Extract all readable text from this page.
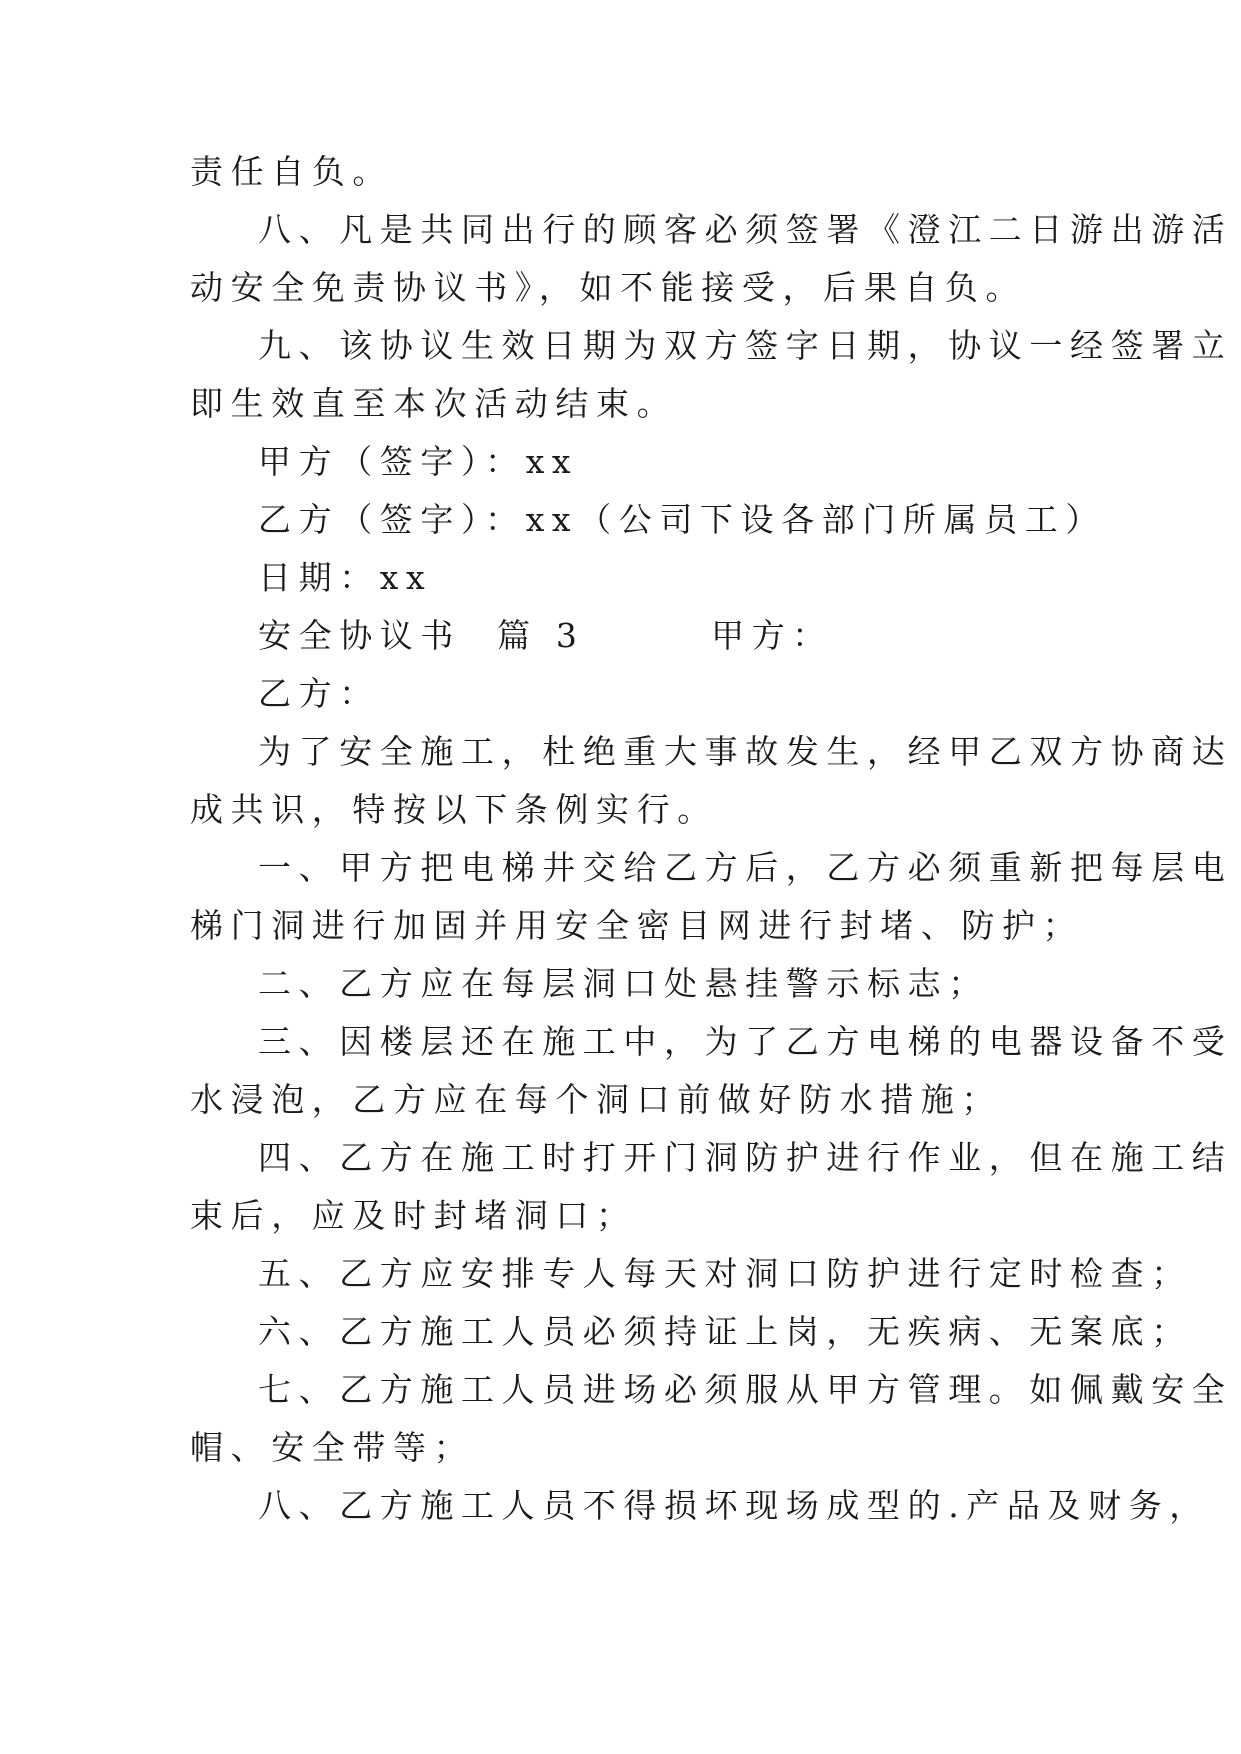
责任自负。

八、凡是共同出行的顾客必须签署《澄江二日游出游活

动安全免责协议书》，如不能接受，后果自负。

九、该协议生效日期为双方签字日期，协议一经签署立

即生效直至本次活动结束。

甲方（签字）：xx

乙方（签字）：xx（公司下设各部门所属员工）

日期：xx

安全协议书  篇 3       甲方：

乙方：

为了安全施工，杜绝重大事故发生，经甲乙双方协商达

成共识，特按以下条例实行。

一、甲方把电梯井交给乙方后，乙方必须重新把每层电

梯门洞进行加固并用安全密目网进行封堵、防护；

二、乙方应在每层洞口处悬挂警示标志；

三、因楼层还在施工中，为了乙方电梯的电器设备不受

水浸泡，乙方应在每个洞口前做好防水措施；

四、乙方在施工时打开门洞防护进行作业，但在施工结

束后，应及时封堵洞口；

五、乙方应安排专人每天对洞口防护进行定时检查；

六、乙方施工人员必须持证上岗，无疾病、无案底；

七、乙方施工人员进场必须服从甲方管理。如佩戴安全

帽、安全带等；

八、乙方施工人员不得损坏现场成型的.产品及财务，
